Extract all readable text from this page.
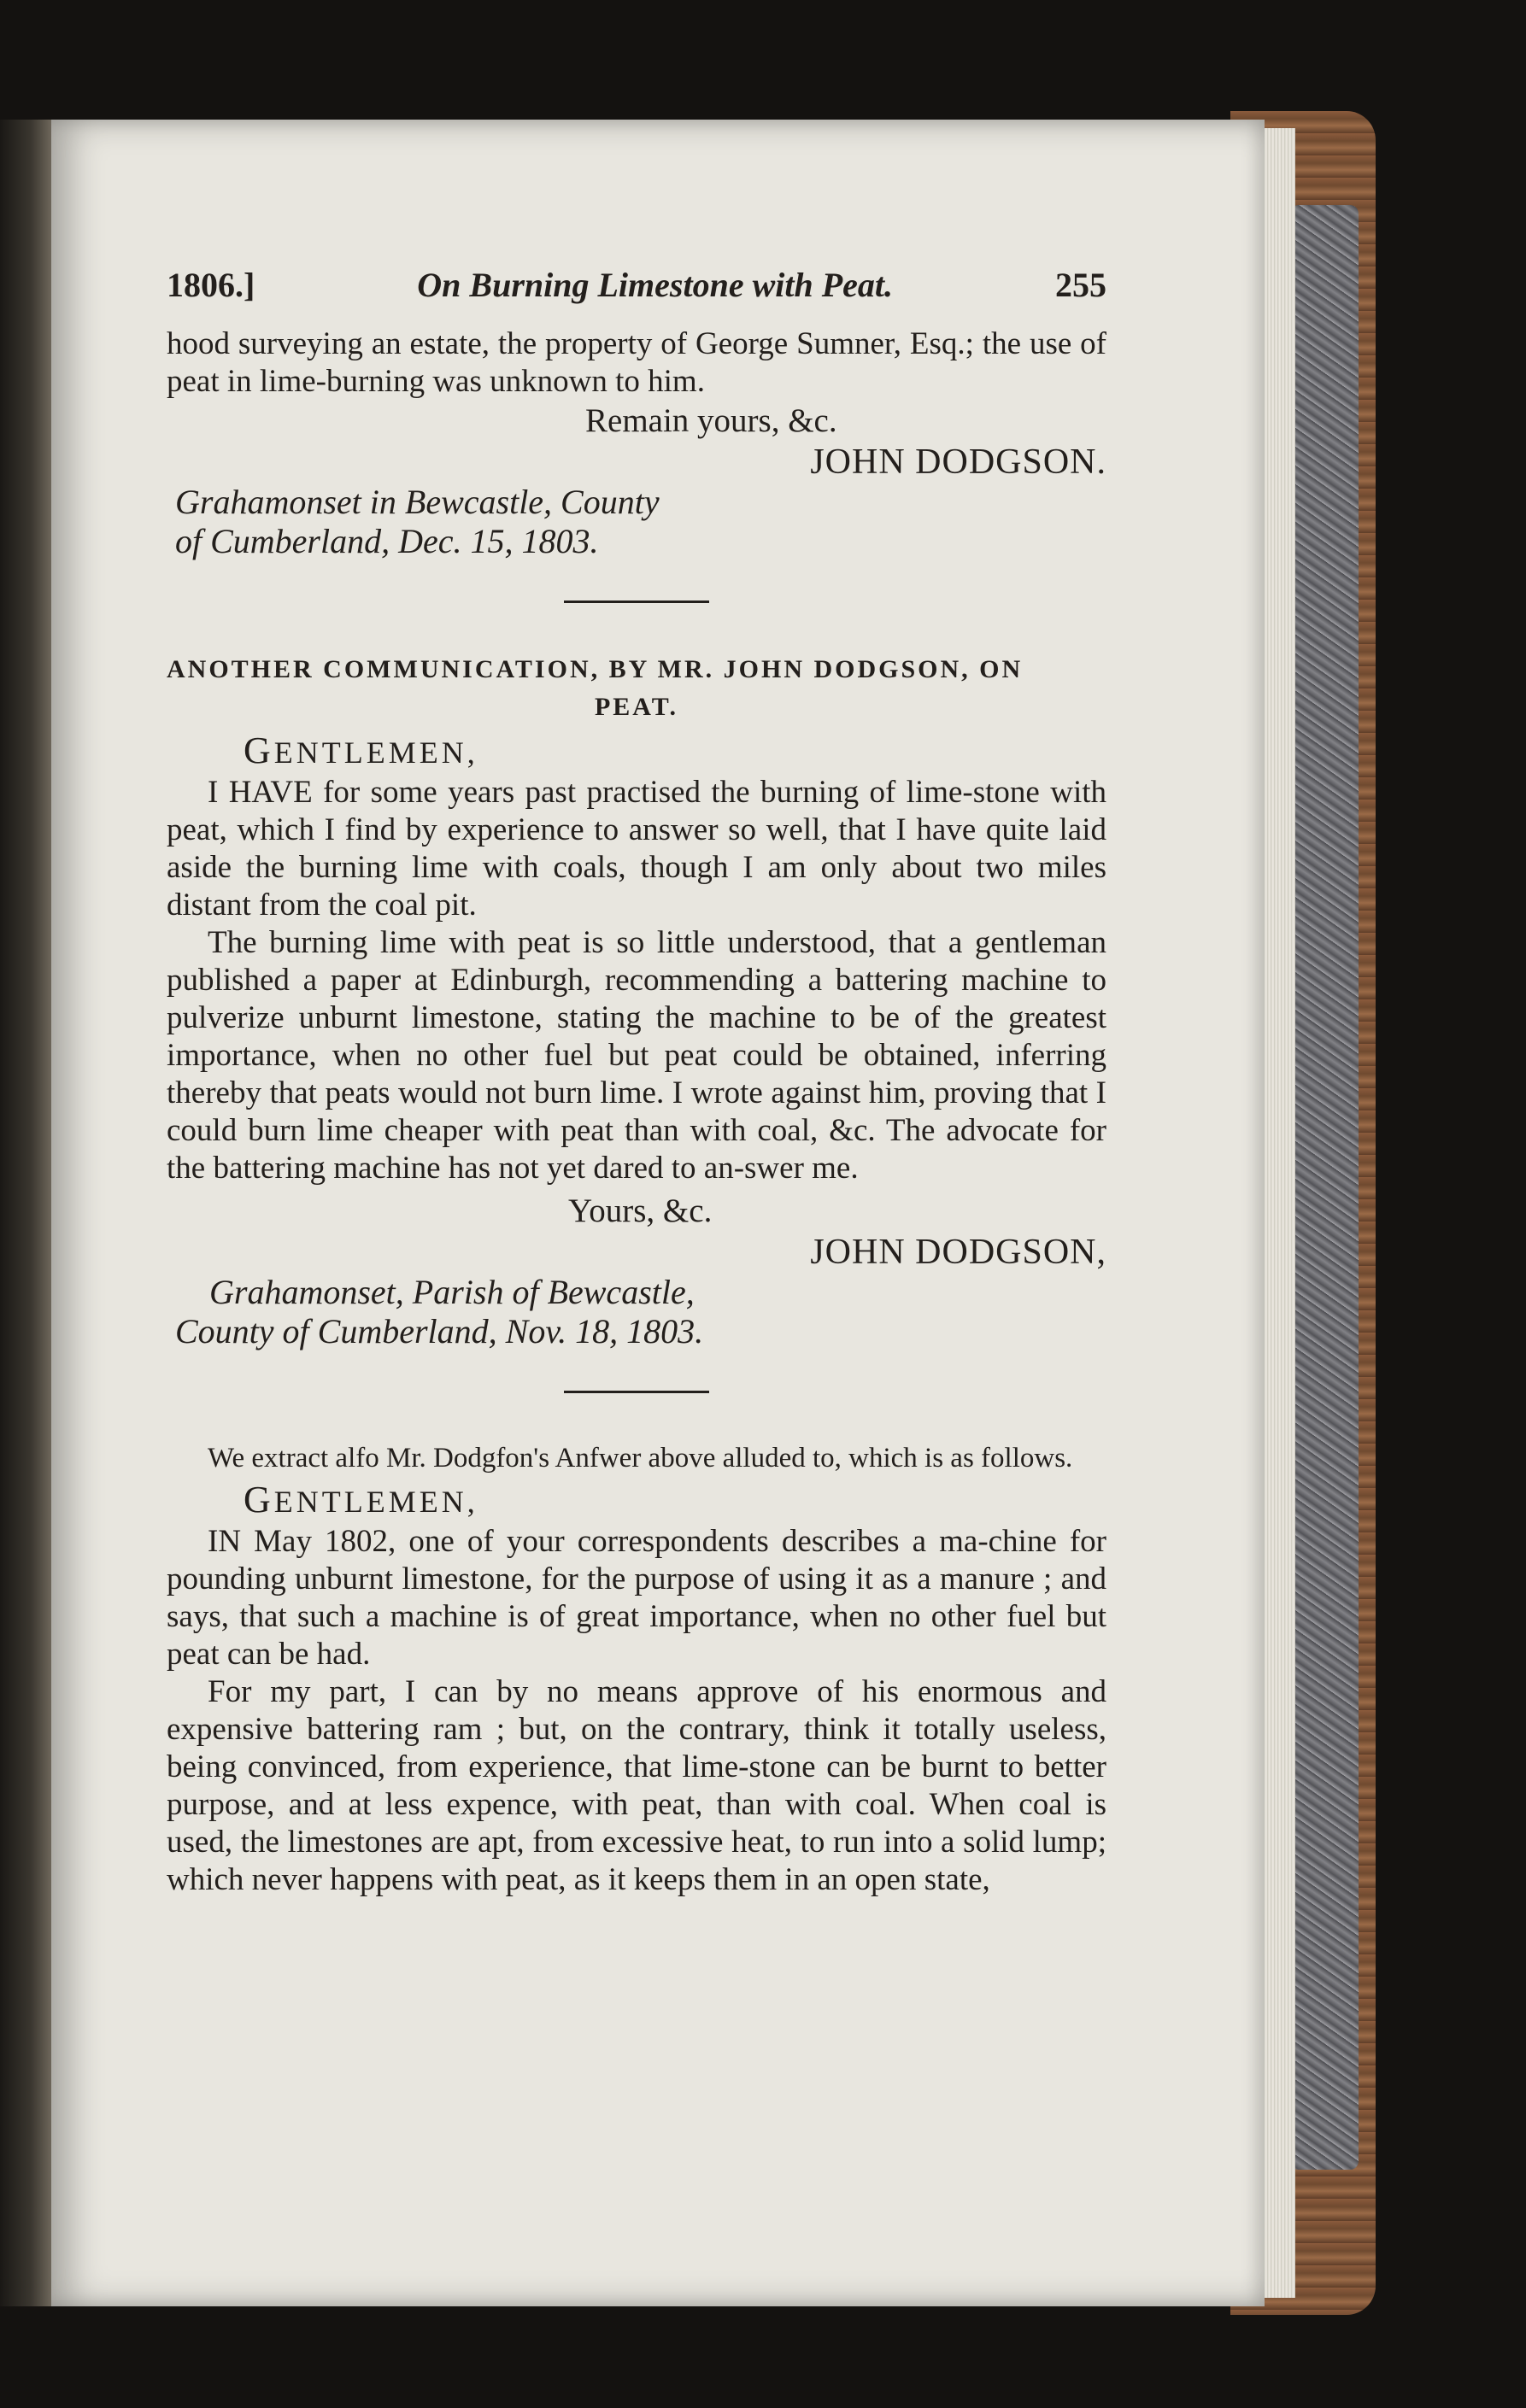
1806.]	On Burning Limestone with Peat.	255

hood surveying an estate, the property of George Sumner, Esq.; the use of peat in lime-burning was unknown to him.

Remain yours, &c.
JOHN DODGSON.
Grahamonset in Bewcastle, County
of Cumberland, Dec. 15, 1803.
ANOTHER COMMUNICATION, BY MR. JOHN DODGSON, ON
PEAT.
GENTLEMEN,

I HAVE for some years past practised the burning of lime-stone with peat, which I find by experience to answer so well, that I have quite laid aside the burning lime with coals, though I am only about two miles distant from the coal pit.

The burning lime with peat is so little understood, that a gentleman published a paper at Edinburgh, recommending a battering machine to pulverize unburnt limestone, stating the machine to be of the greatest importance, when no other fuel but peat could be obtained, inferring thereby that peats would not burn lime. I wrote against him, proving that I could burn lime cheaper with peat than with coal, &c. The advocate for the battering machine has not yet dared to an-swer me.

Yours, &c.
JOHN DODGSON,
Grahamonset, Parish of Bewcastle,
County of Cumberland, Nov. 18, 1803.

We extract alfo Mr. Dodgfon's Anfwer above alluded to, which is as follows.

GENTLEMEN,

IN May 1802, one of your correspondents describes a ma-chine for pounding unburnt limestone, for the purpose of using it as a manure ; and says, that such a machine is of great importance, when no other fuel but peat can be had.

For my part, I can by no means approve of his enormous and expensive battering ram ; but, on the contrary, think it totally useless, being convinced, from experience, that lime-stone can be burnt to better purpose, and at less expence, with peat, than with coal. When coal is used, the limestones are apt, from excessive heat, to run into a solid lump; which never happens with peat, as it keeps them in an open state,
